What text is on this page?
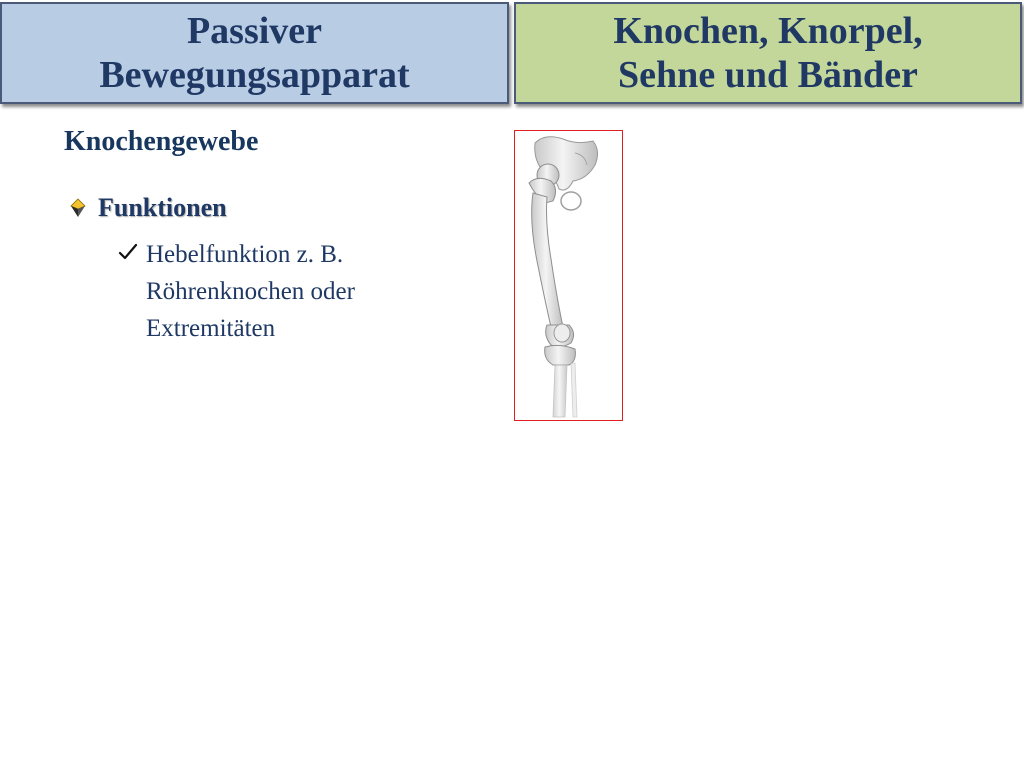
Passiver
Bewegungsapparat
Knochen, Knorpel,
Sehne und Bänder
Knochengewebe
Funktionen
Hebelfunktion z. B.
Röhrenknochen oder
Extremitäten
